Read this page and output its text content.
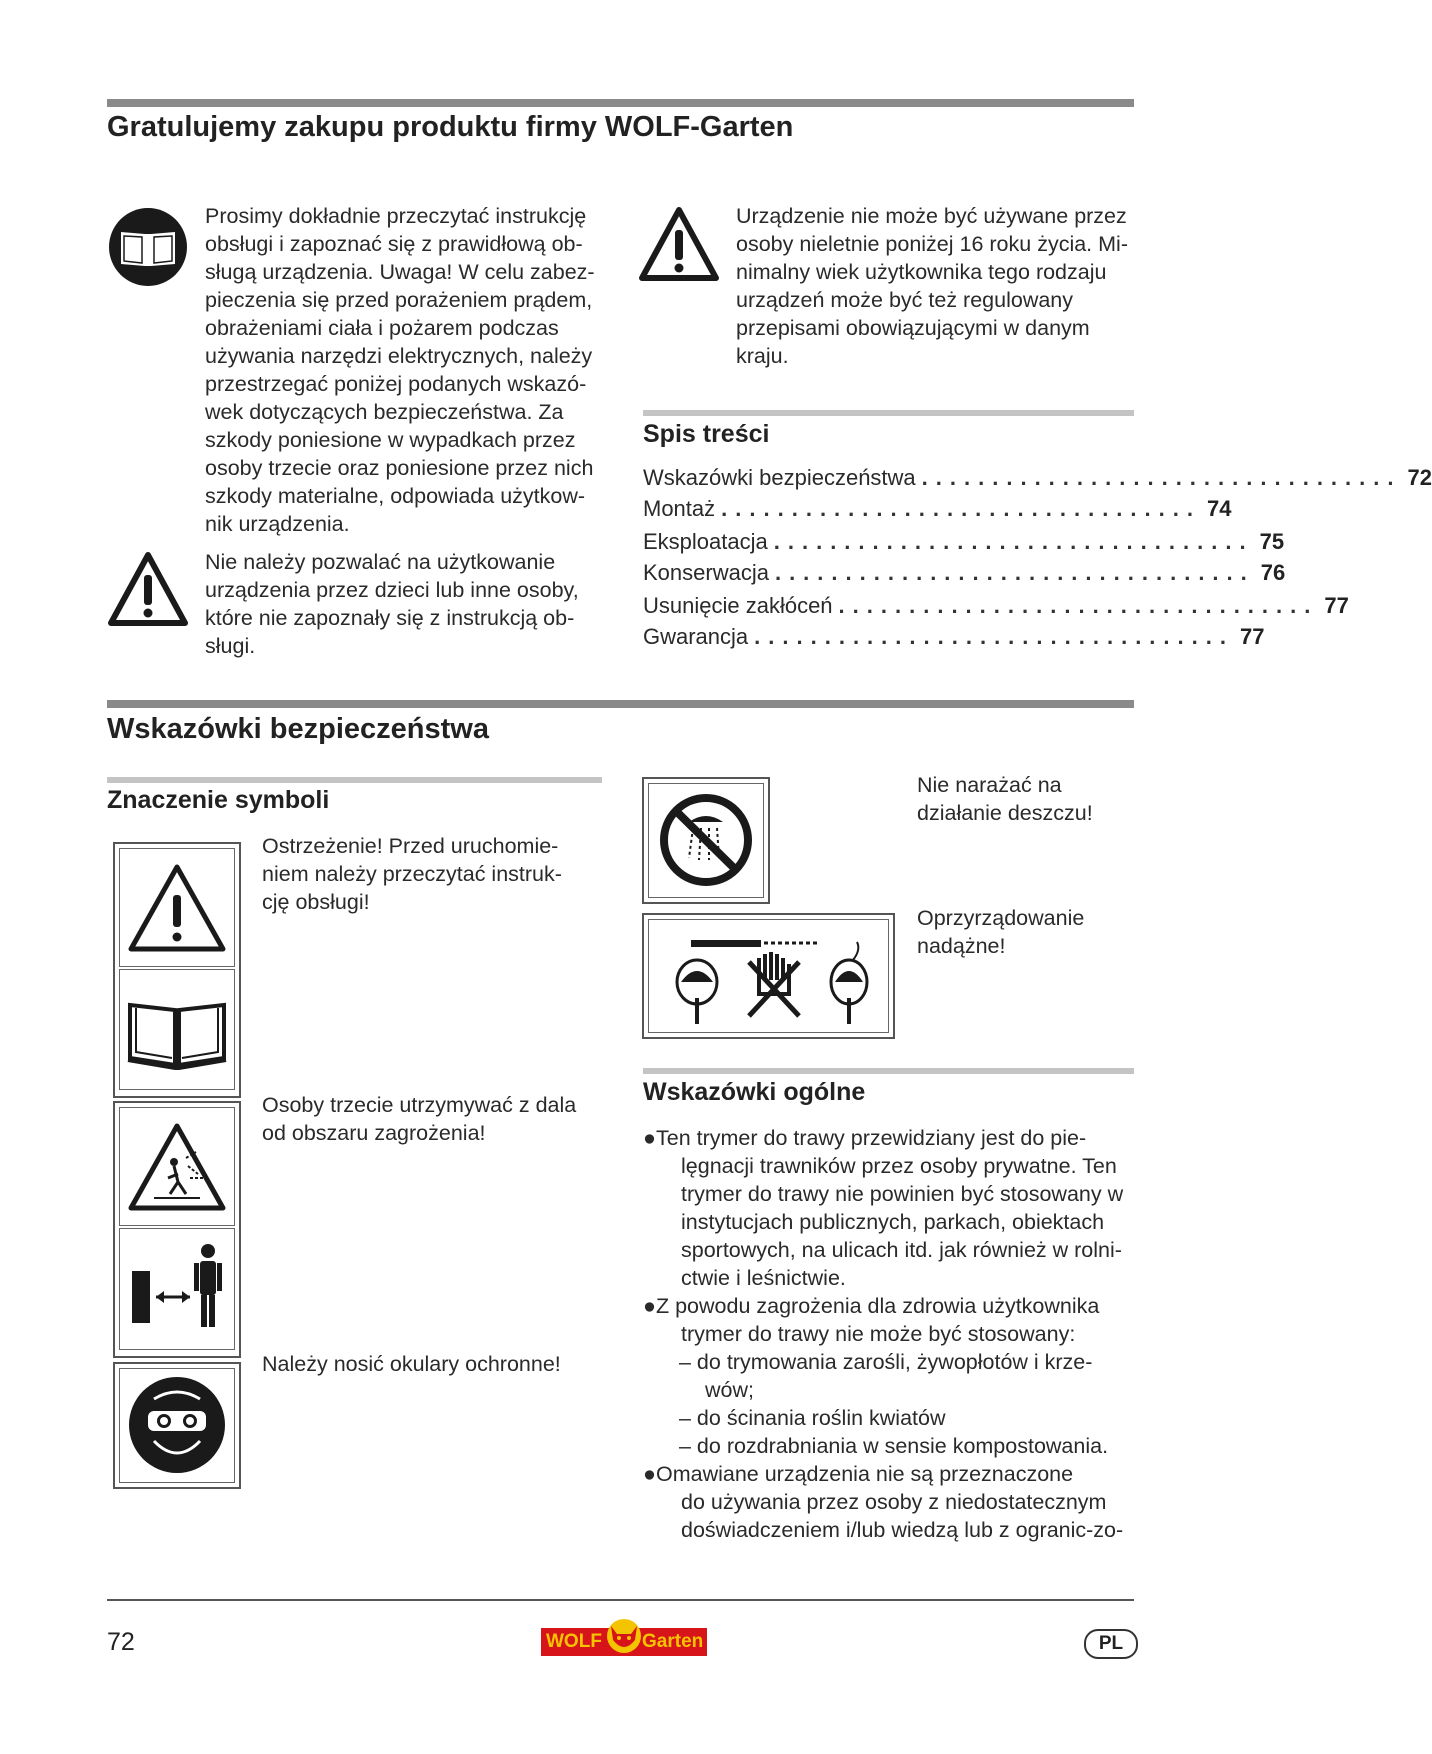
Gratulujemy zakupu produktu firmy WOLF-Garten
Prosimy dokładnie przeczytać instrukcję
obsługi i zapoznać się z prawidłową ob-
sługą urządzenia. Uwaga! W celu zabez-
pieczenia się przed porażeniem prądem,
obrażeniami ciała i pożarem podczas
używania narzędzi elektrycznych, należy
przestrzegać poniżej podanych wskazó-
wek dotyczących bezpieczeństwa. Za
szkody poniesione w wypadkach przez
osoby trzecie oraz poniesione przez nich
szkody materialne, odpowiada użytkow-
nik urządzenia.
Nie należy pozwalać na użytkowanie
urządzenia przez dzieci lub inne osoby,
które nie zapoznały się z instrukcją ob-
sługi.
Urządzenie nie może być używane przez
osoby nieletnie poniżej 16 roku życia. Mi-
nimalny wiek użytkownika tego rodzaju
urządzeń może być też regulowany
przepisami obowiązującymi w danym
kraju.
Spis treści
Wskazówki bezpieczeństwa .................................. 72
Montaż .................................. 74
Eksploatacja .................................. 75
Konserwacja .................................. 76
Usunięcie zakłóceń .................................. 77
Gwarancja .................................. 77
Wskazówki bezpieczeństwa
Znaczenie symboli
Ostrzeżenie! Przed uruchomie-
niem należy przeczytać instruk-
cję obsługi!
Osoby trzecie utrzymywać z dala
od obszaru zagrożenia!
Należy nosić okulary ochronne!
Nie narażać na
działanie deszczu!
Oprzyrządowanie
nadążne!
Wskazówki ogólne
●Ten trymer do trawy przewidziany jest do pie-
lęgnacji trawników przez osoby prywatne. Ten
trymer do trawy nie powinien być stosowany w
instytucjach publicznych, parkach, obiektach
sportowych, na ulicach itd. jak również w rolni-
ctwie i leśnictwie.
●Z powodu zagrożenia dla zdrowia użytkownika
trymer do trawy nie może być stosowany:
– do trymowania zarośli, żywopłotów i krze-
wów;
– do ścinania roślin kwiatów
– do rozdrabniania w sensie kompostowania.
●Omawiane urządzenia nie są przeznaczone
do używania przez osoby z niedostatecznym
doświadczeniem i/lub wiedzą lub z ogranic-zo-
72	WOLF Garten	PL
